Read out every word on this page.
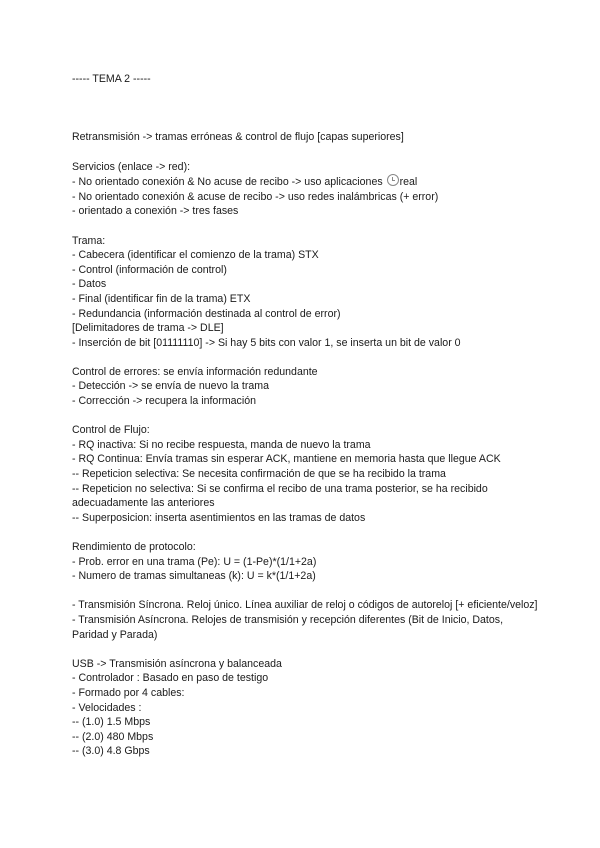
----- TEMA 2 -----
Retransmisión -> tramas erróneas & control de flujo [capas superiores]
Servicios (enlace -> red):
- No orientado conexión & No acuse de recibo -> uso aplicaciones real
- No orientado conexión & acuse de recibo -> uso redes inalámbricas (+ error)
- orientado a conexión -> tres fases
Trama:
- Cabecera (identificar el comienzo de la trama) STX
- Control (información de control)
- Datos
- Final (identificar fin de la trama) ETX
- Redundancia (información destinada al control de error)
[Delimitadores de trama -> DLE]
- Inserción de bit [01111110] -> Si hay 5 bits con valor 1, se inserta un bit de valor 0
Control de errores: se envía información redundante
- Detección -> se envía de nuevo la trama
- Corrección -> recupera la información
Control de Flujo:
- RQ inactiva: Si no recibe respuesta, manda de nuevo la trama
- RQ Continua: Envía tramas sin esperar ACK, mantiene en memoria hasta que llegue ACK
-- Repeticion selectiva: Se necesita confirmación de que se ha recibido la trama
-- Repeticion no selectiva: Si se confirma el recibo de una trama posterior, se ha recibido adecuadamente las anteriores
-- Superposicion: inserta asentimientos en las tramas de datos
Rendimiento de protocolo:
- Prob. error en una trama (Pe): U = (1-Pe)*(1/1+2a)
- Numero de tramas simultaneas (k): U = k*(1/1+2a)
- Transmisión Síncrona. Reloj único. Línea auxiliar de reloj o códigos de autoreloj [+ eficiente/veloz]
- Transmisión Asíncrona. Relojes de transmisión y recepción diferentes (Bit de Inicio, Datos, Paridad y Parada)
USB -> Transmisión asíncrona y balanceada
- Controlador : Basado en paso de testigo
- Formado por 4 cables:
- Velocidades :
-- (1.0) 1.5 Mbps
-- (2.0) 480 Mbps
-- (3.0) 4.8 Gbps
